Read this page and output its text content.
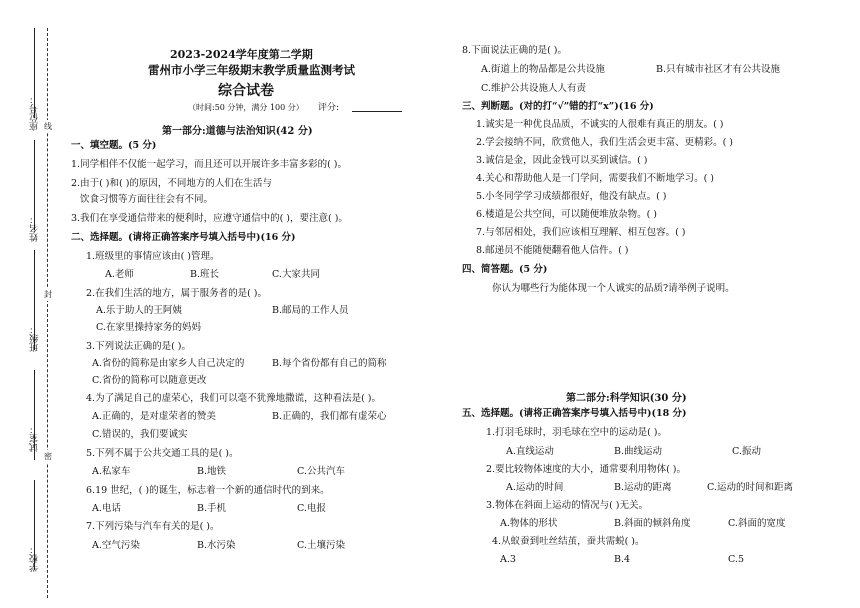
座位号：
姓名：
班级：
试室：
学校：
线
封
密
2023-2024学年度第二学期
雷州市小学三年级期末教学质量监测考试
综合试卷
（时间:50 分钟，满分 100 分） 评分:
第一部分:道德与法治知识(42 分)
一、填空题。(5 分)
1.同学相伴不仅能一起学习，而且还可以开展许多丰富多彩的( )。
2.由于( )和( )的原因，不同地方的人们在生活与
饮食习惯等方面往往会有不同。
3.我们在享受通信带来的便利时，应遵守通信中的( )，要注意( )。
二、选择题。(请将正确答案序号填入括号中)(16 分)
1.班级里的事情应该由( )管理。
A.老师	B.班长	C.大家共同
2.在我们生活的地方，属于服务者的是( )。
A.乐于助人的王阿姨	B.邮局的工作人员
C.在家里操持家务的妈妈
3.下列说法正确的是( )。
A.省份的简称是由家乡人自己决定的	B.每个省份都有自己的简称
C.省份的简称可以随意更改
4.为了满足自己的虚荣心，我们可以毫不犹豫地撒谎，这种看法是( )。
A.正确的，是对虚荣者的赞美	B.正确的，我们都有虚荣心
C.错误的，我们要诚实
5.下列不属于公共交通工具的是( )。
A.私家车	B.地铁	C.公共汽车
6.19 世纪，( )的诞生，标志着一个新的通信时代的到来。
A.电话	B.手机	C.电报
7.下列污染与汽车有关的是( )。
A.空气污染	B.水污染	C.土壤污染
8.下面说法正确的是( )。
A.街道上的物品都是公共设施	B.只有城市社区才有公共设施
C.维护公共设施人人有责
三、判断题。(对的打“√”错的打“x”)(16 分)
1.诚实是一种优良品质，不诚实的人很难有真正的朋友。( )
2.学会接纳不同，欣赏他人，我们生活会更丰富、更精彩。( )
3.诚信是金，因此金钱可以买到诚信。( )
4.关心和帮助他人是一门学问，需要我们不断地学习。( )
5.小冬同学学习成绩都很好，他没有缺点。( )
6.楼道是公共空间，可以随便堆放杂物。( )
7.与邻居相处，我们应该相互理解、相互包容。( )
8.邮递员不能随便翻看他人信件。( )
四、简答题。(5 分)
你认为哪些行为能体现一个人诚实的品质?请举例子说明。
第二部分:科学知识(30 分)
五、选择题。(请将正确答案序号填入括号中)(18 分)
1.打羽毛球时，羽毛球在空中的运动是( )。
A.直线运动	B.曲线运动	C.振动
2.要比较物体速度的大小，通常要利用物体( )。
A.运动的时间	B.运动的距离	C.运动的时间和距离
3.物体在斜面上运动的情况与( )无关。
A.物体的形状	B.斜面的倾斜角度	C.斜面的宽度
4.从蚁蚕到吐丝结茧，蚕共需蜕( )。
A.3	B.4	C.5
